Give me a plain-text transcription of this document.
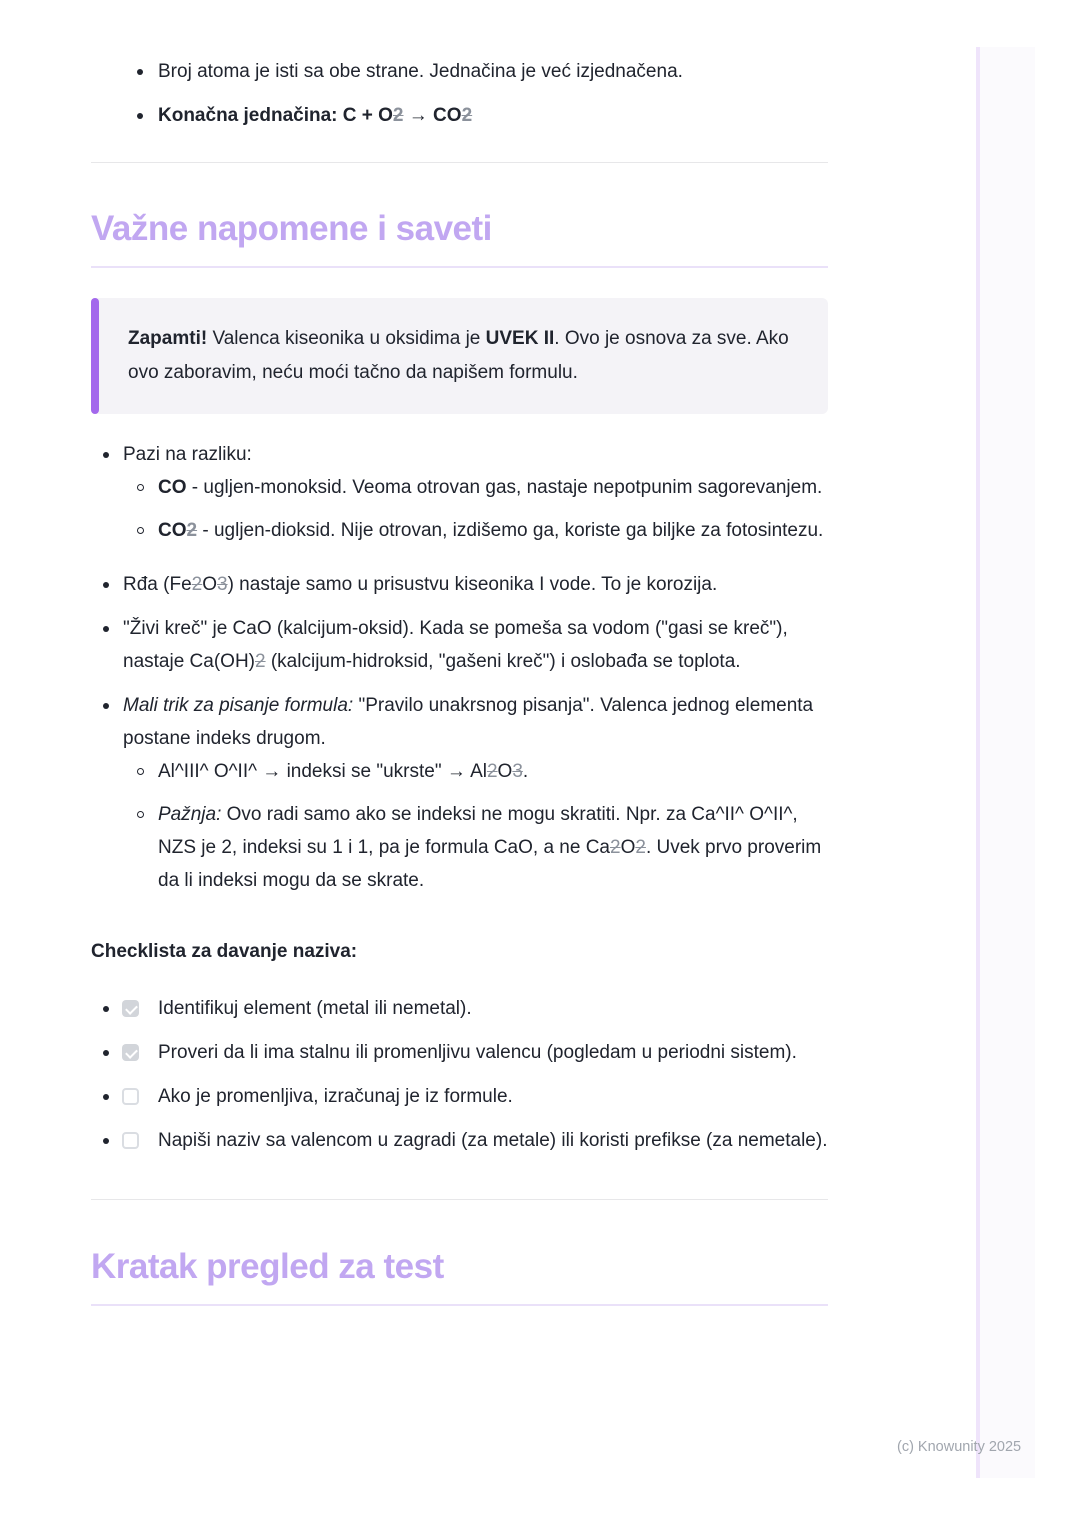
Broj atoma je isti sa obe strane. Jednačina je već izjednačena.
Konačna jednačina: C + O2 → CO2
Važne napomene i saveti
Zapamti! Valenca kiseonika u oksidima je UVEK II. Ovo je osnova za sve. Ako ovo zaboravim, neću moći tačno da napišem formulu.
Pazi na razliku:
CO - ugljen-monoksid. Veoma otrovan gas, nastaje nepotpunim sagorevanjem.
CO2 - ugljen-dioksid. Nije otrovan, izdišemo ga, koriste ga biljke za fotosintezu.
Rđa (Fe2O3) nastaje samo u prisustvu kiseonika I vode. To je korozija.
"Živi kreč" je CaO (kalcijum-oksid). Kada se pomeša sa vodom ("gasi se kreč"), nastaje Ca(OH)2 (kalcijum-hidroksid, "gašeni kreč") i oslobađa se toplota.
Mali trik za pisanje formula: "Pravilo unakrsnog pisanja". Valenca jednog elementa postane indeks drugom.
Al^III^ O^II^ → indeksi se "ukrste" → Al2O3.
Pažnja: Ovo radi samo ako se indeksi ne mogu skratiti. Npr. za Ca^II^ O^II^, NZS je 2, indeksi su 1 i 1, pa je formula CaO, a ne Ca2O2. Uvek prvo proverim da li indeksi mogu da se skrate.
Checklista za davanje naziva:
Identifikuj element (metal ili nemetal).
Proveri da li ima stalnu ili promenljivu valencu (pogledam u periodni sistem).
Ako je promenljiva, izračunaj je iz formule.
Napiši naziv sa valencom u zagradi (za metale) ili koristi prefikse (za nemetale).
Kratak pregled za test
(c) Knowunity 2025
